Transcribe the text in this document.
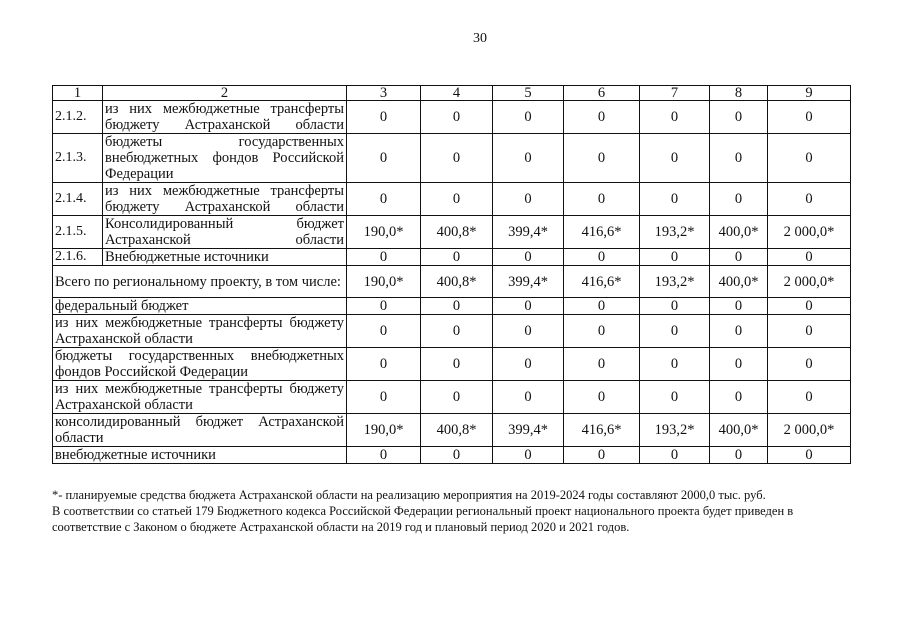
30
1	2	3	4	5	6	7	8	9
2.1.2.	из них межбюджетные трансферты бюджету Астраханской области	0	0	0	0	0	0	0
2.1.3.	бюджеты государственных внебюджетных фондов Российской Федерации	0	0	0	0	0	0	0
2.1.4.	из них межбюджетные трансферты бюджету Астраханской области	0	0	0	0	0	0	0
2.1.5.	Консолидированный бюджет Астраханской области	190,0*	400,8*	399,4*	416,6*	193,2*	400,0*	2 000,0*
2.1.6.	Внебюджетные источники	0	0	0	0	0	0	0
Всего по региональному проекту, в том числе:		190,0*	400,8*	399,4*	416,6*	193,2*	400,0*	2 000,0*
федеральный бюджет		0	0	0	0	0	0	0
из них межбюджетные трансферты бюджету Астраханской области		0	0	0	0	0	0	0
бюджеты государственных внебюджетных фондов Российской Федерации		0	0	0	0	0	0	0
из них межбюджетные трансферты бюджету Астраханской области		0	0	0	0	0	0	0
консолидированный бюджет Астраханской области		190,0*	400,8*	399,4*	416,6*	193,2*	400,0*	2 000,0*
внебюджетные источники		0	0	0	0	0	0	0
*- планируемые средства бюджета Астраханской области на реализацию мероприятия на 2019-2024 годы составляют 2000,0 тыс. руб.
В соответствии со статьей 179 Бюджетного кодекса Российской Федерации региональный проект национального проекта будет приведен в соответствие с Законом о бюджете Астраханской области на 2019 год и плановый период 2020 и 2021 годов.
